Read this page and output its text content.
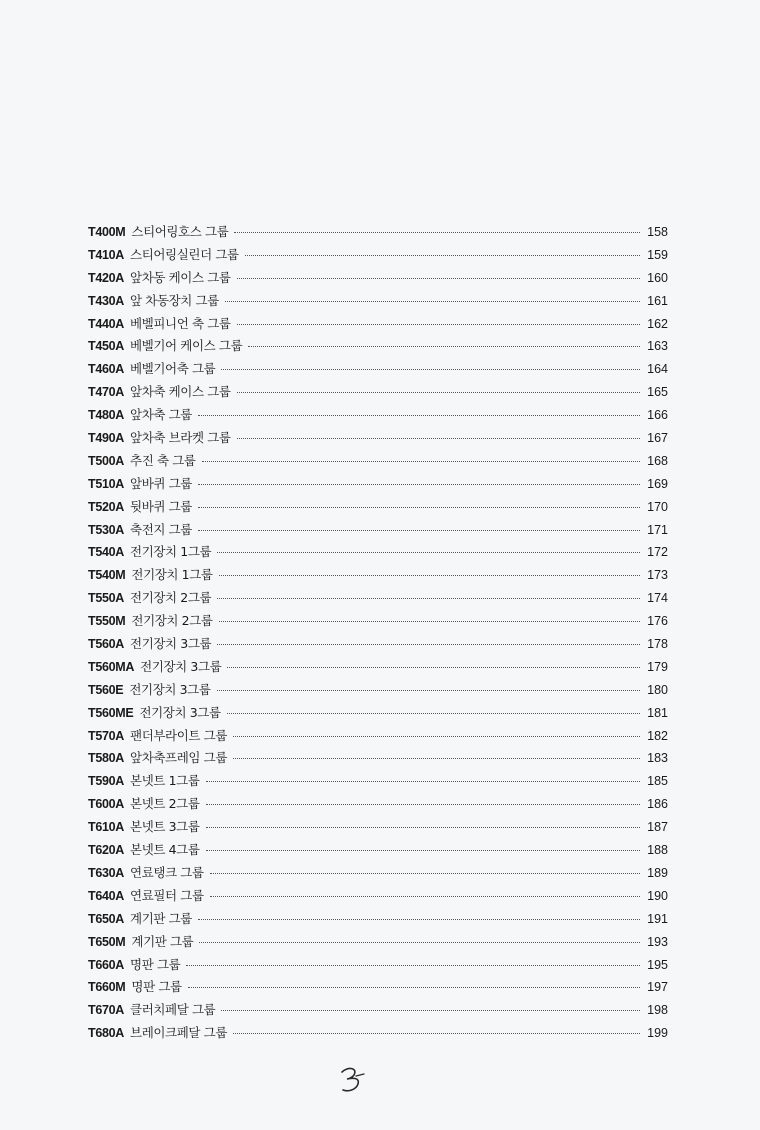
T400M 스티어링호스 그룹	158
T410A 스티어링실린더 그룹	159
T420A 앞차동 케이스 그룹	160
T430A 앞 차동장치 그룹	161
T440A 베벨피니언 축 그룹	162
T450A 베벨기어 케이스 그룹	163
T460A 베벨기어축 그룹	164
T470A 앞차축 케이스 그룹	165
T480A 앞차축 그룹	166
T490A 앞차축 브라켓 그룹	167
T500A 추진 축 그룹	168
T510A 앞바퀴 그룹	169
T520A 뒷바퀴 그룹	170
T530A 축전지 그룹	171
T540A 전기장치 1그룹	172
T540M 전기장치 1그룹	173
T550A 전기장치 2그룹	174
T550M 전기장치 2그룹	176
T560A 전기장치 3그룹	178
T560MA 전기장치 3그룹	179
T560E 전기장치 3그룹	180
T560ME 전기장치 3그룹	181
T570A 팬더부라이트 그룹	182
T580A 앞차축프레임 그룹	183
T590A 본넷트 1그룹	185
T600A 본넷트 2그룹	186
T610A 본넷트 3그룹	187
T620A 본넷트 4그룹	188
T630A 연료탱크 그룹	189
T640A 연료필터 그룹	190
T650A 계기판 그룹	191
T650M 계기판 그룹	193
T660A 명판 그룹	195
T660M 명판 그룹	197
T670A 클러치페달 그룹	198
T680A 브레이크페달 그룹	199
